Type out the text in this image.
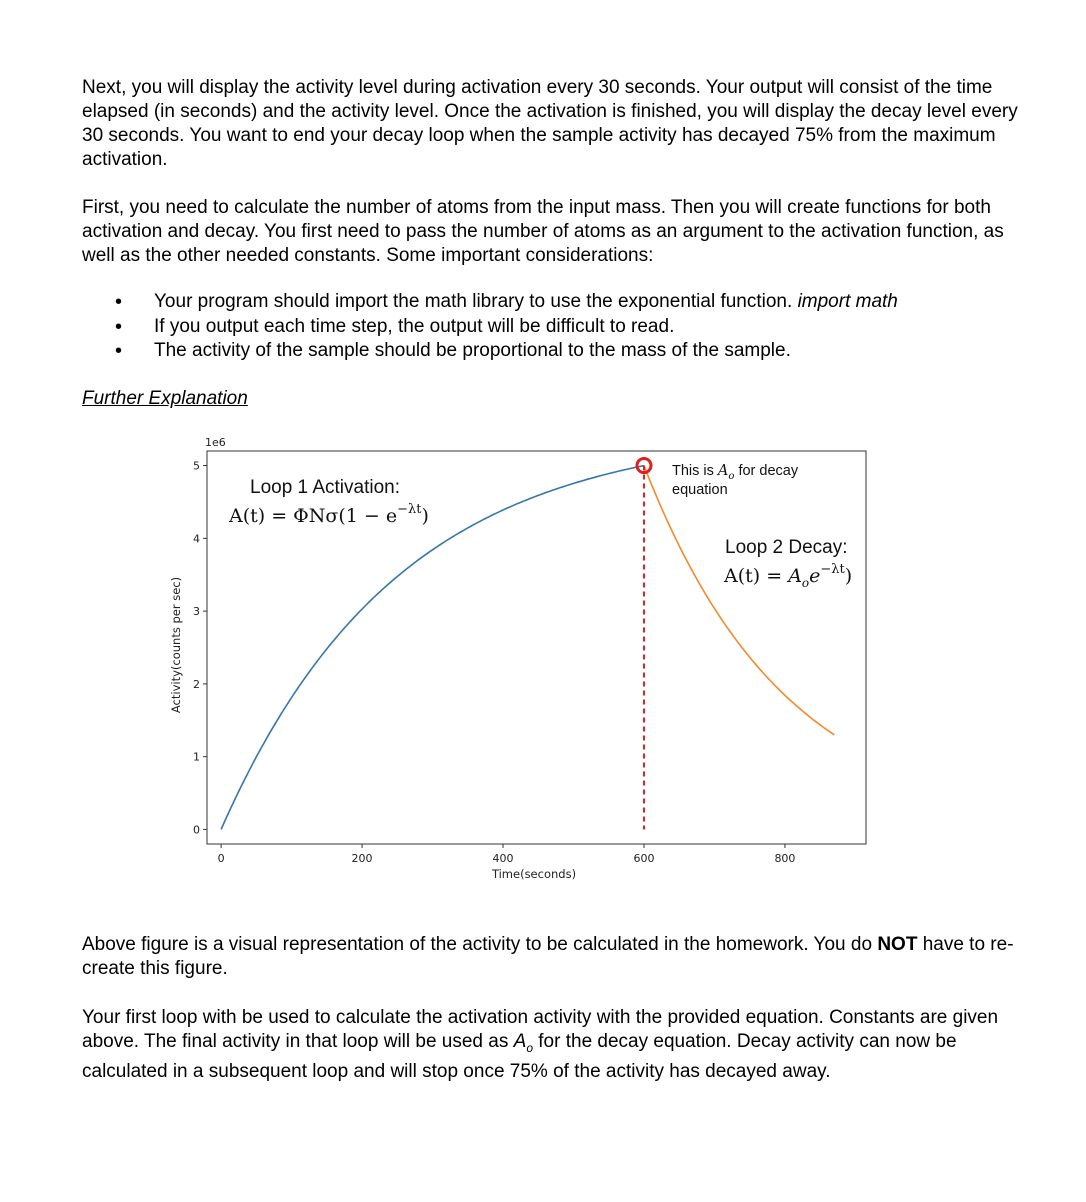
Next, you will display the activity level during activation every 30 seconds. Your output will consist of the time elapsed (in seconds) and the activity level. Once the activation is finished, you will display the decay level every 30 seconds. You want to end your decay loop when the sample activity has decayed 75% from the maximum activation.
First, you need to calculate the number of atoms from the input mass. Then you will create functions for both activation and decay. You first need to pass the number of atoms as an argument to the activation function, as well as the other needed constants. Some important considerations:
• Your program should import the math library to use the exponential function. import math
• If you output each time step, the output will be difficult to read.
• The activity of the sample should be proportional to the mass of the sample.
Further Explanation
1e6
0
1
2
3
4
5
0	200	400	600	800
Time(seconds)
Activity(counts per sec)
Loop 1 Activation:
$A(t) = \Phi N\sigma(1 - e^{-\lambda t})$
This is $A_o$ for decay
equation
Loop 2 Decay:
$A(t) = A_oe^{-\lambda t}$)
Above figure is a visual representation of the activity to be calculated in the homework. You do NOT have to re-create this figure.
Your first loop with be used to calculate the activation activity with the provided equation. Constants are given above. The final activity in that loop will be used as $A_o$ for the decay equation. Decay activity can now be calculated in a subsequent loop and will stop once 75% of the activity has decayed away.
